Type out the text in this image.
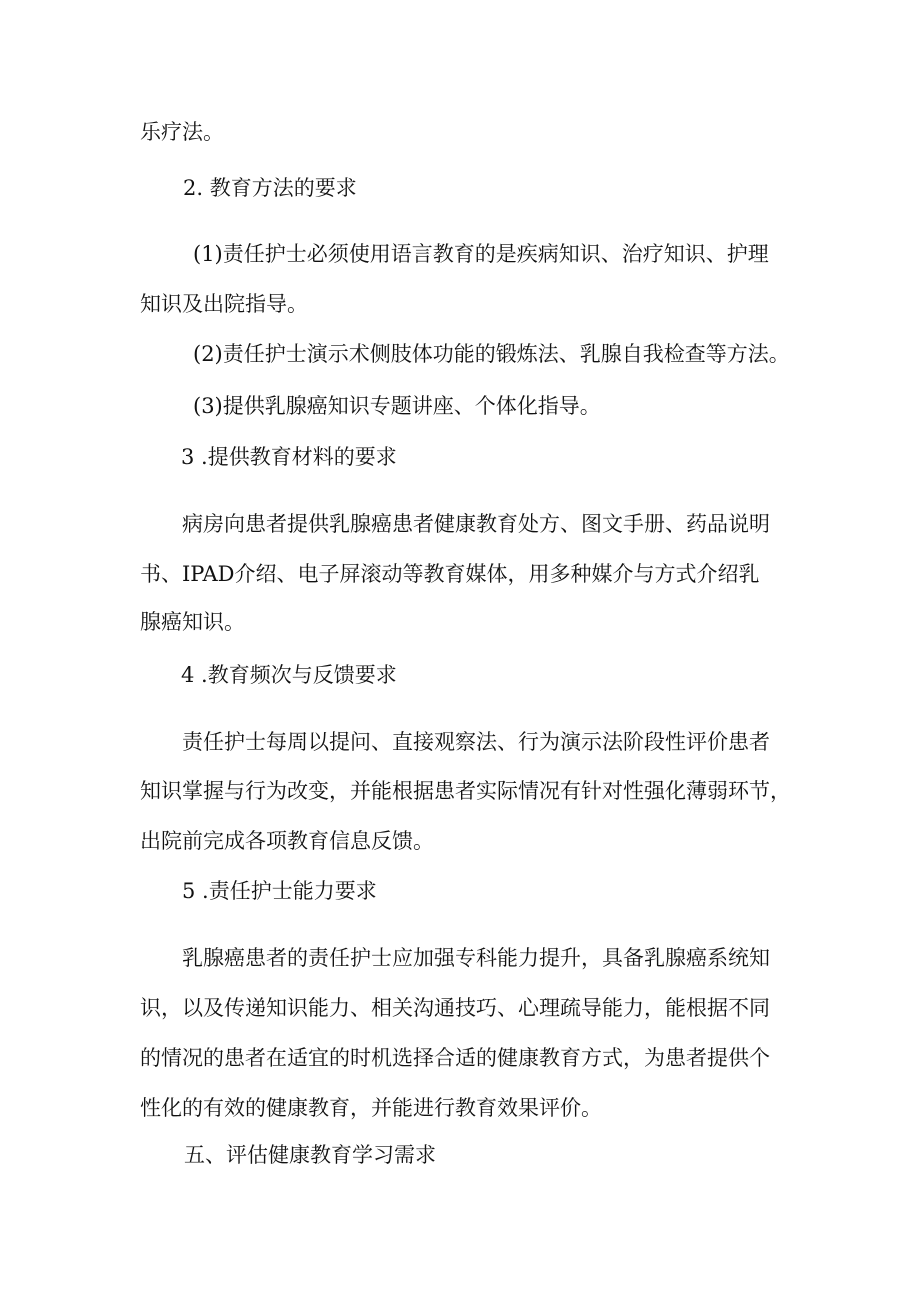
乐疗法。
2. 教育方法的要求
(1)责任护士必须使用语言教育的是疾病知识、治疗知识、护理
知识及出院指导。
(2)责任护士演示术侧肢体功能的锻炼法、乳腺自我检查等方法。
(3)提供乳腺癌知识专题讲座、个体化指导。
3 .提供教育材料的要求
病房向患者提供乳腺癌患者健康教育处方、图文手册、药品说明
书、IPAD介绍、电子屏滚动等教育媒体，用多种媒介与方式介绍乳
腺癌知识。
4 .教育频次与反馈要求
责任护士每周以提问、直接观察法、行为演示法阶段性评价患者
知识掌握与行为改变，并能根据患者实际情况有针对性强化薄弱环节，
出院前完成各项教育信息反馈。
5 .责任护士能力要求
乳腺癌患者的责任护士应加强专科能力提升，具备乳腺癌系统知
识，以及传递知识能力、相关沟通技巧、心理疏导能力，能根据不同
的情况的患者在适宜的时机选择合适的健康教育方式，为患者提供个
性化的有效的健康教育，并能进行教育效果评价。
五、评估健康教育学习需求
